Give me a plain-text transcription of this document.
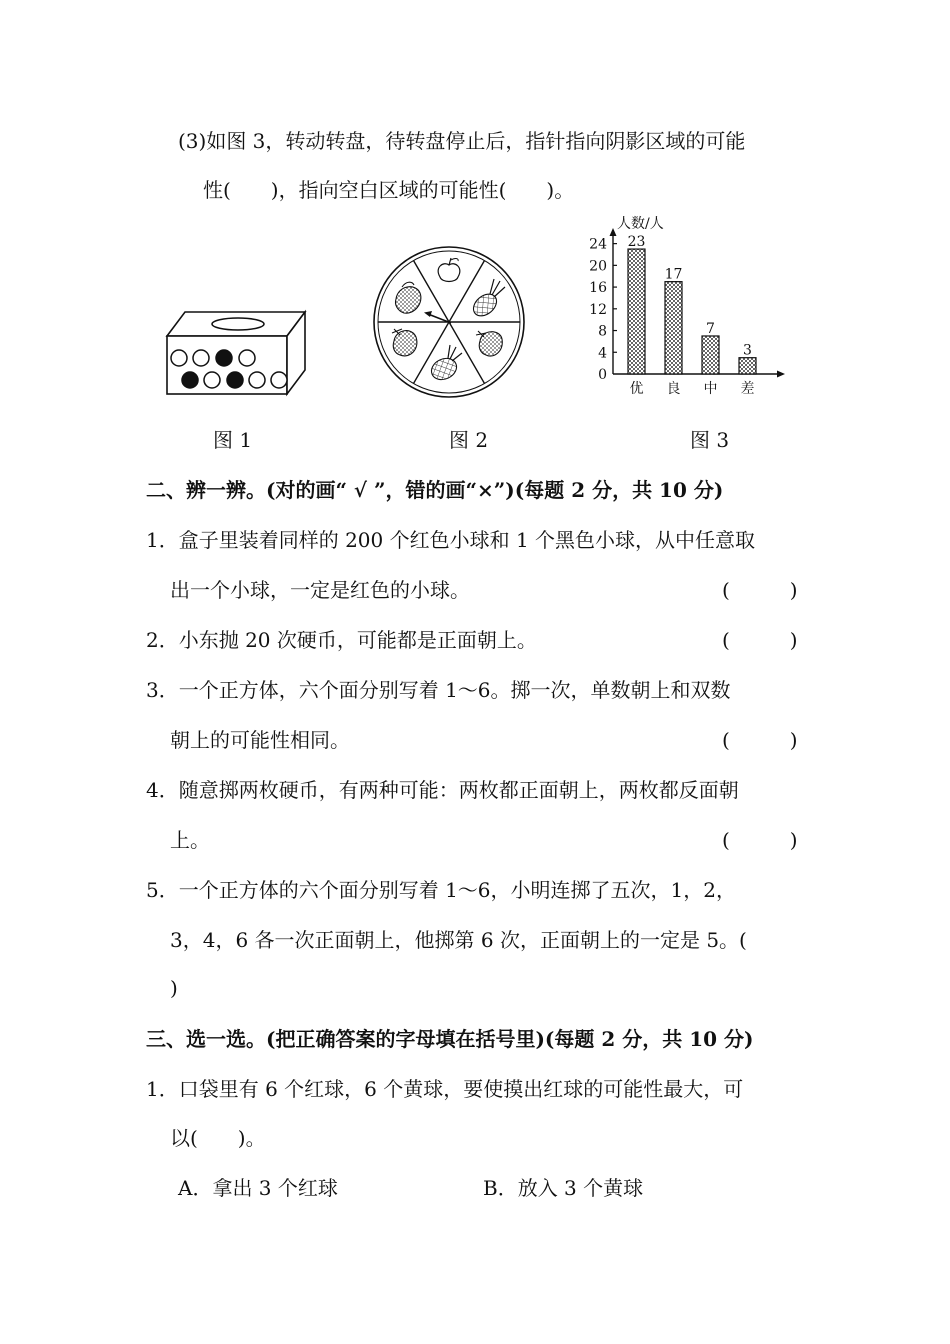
(3)如图 3，转动转盘，待转盘停止后，指针指向阴影区域的可能
性(　　)，指向空白区域的可能性(　　)。
图 1	图 2
人数/人
0
4
8
12
16
20
24 23
优
17
良
7
中
3
差
图 3
二、辨一辨。(对的画“ √ ”，错的画“×”)(每题 2 分，共 10 分)
1．盒子里装着同样的 200 个红色小球和 1 个黑色小球，从中任意取
出一个小球，一定是红色的小球。	(　　　)
2．小东抛 20 次硬币，可能都是正面朝上。	(　　　)
3．一个正方体，六个面分别写着 1～6。掷一次，单数朝上和双数
朝上的可能性相同。	(　　　)
4．随意掷两枚硬币，有两种可能：两枚都正面朝上，两枚都反面朝
上。	(　　　)
5．一个正方体的六个面分别写着 1～6，小明连掷了五次，1，2，
3，4，6 各一次正面朝上，他掷第 6 次，正面朝上的一定是 5。(
)
三、选一选。(把正确答案的字母填在括号里)(每题 2 分，共 10 分)
1．口袋里有 6 个红球，6 个黄球，要使摸出红球的可能性最大，可
以(　　)。
A．拿出 3 个红球	B．放入 3 个黄球
